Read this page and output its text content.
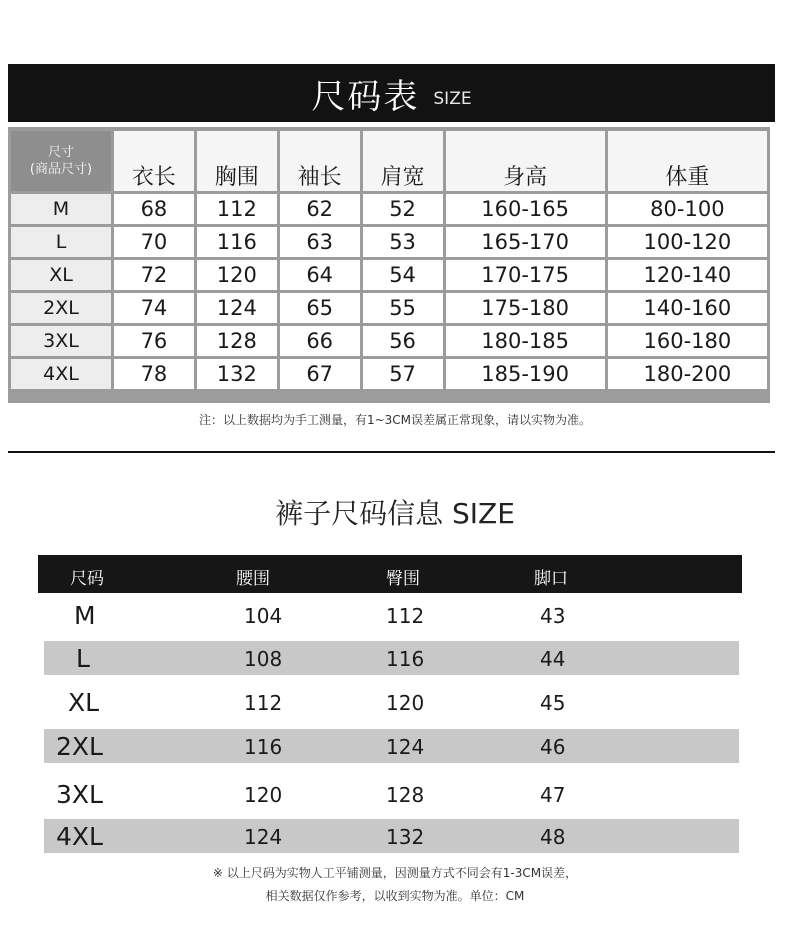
尺码表 SIZE
尺寸
(商品尺寸)	衣长	胸围	袖长	肩宽	身高	体重
M	68	112	62	52	160-165	80-100
L	70	116	63	53	165-170	100-120
XL	72	120	64	54	170-175	120-140
2XL	74	124	65	55	175-180	140-160
3XL	76	128	66	56	180-185	160-180
4XL	78	132	67	57	185-190	180-200
注：以上数据均为手工测量，有1~3CM误差属正常现象，请以实物为准。
裤子尺码信息 SIZE
尺码	腰围	臀围	脚口
M	104	112	43
L	108	116	44
XL	112	120	45
2XL	116	124	46
3XL	120	128	47
4XL	124	132	48
※ 以上尺码为实物人工平铺测量，因测量方式不同会有1-3CM误差，
相关数据仅作参考，以收到实物为准。单位：CM
